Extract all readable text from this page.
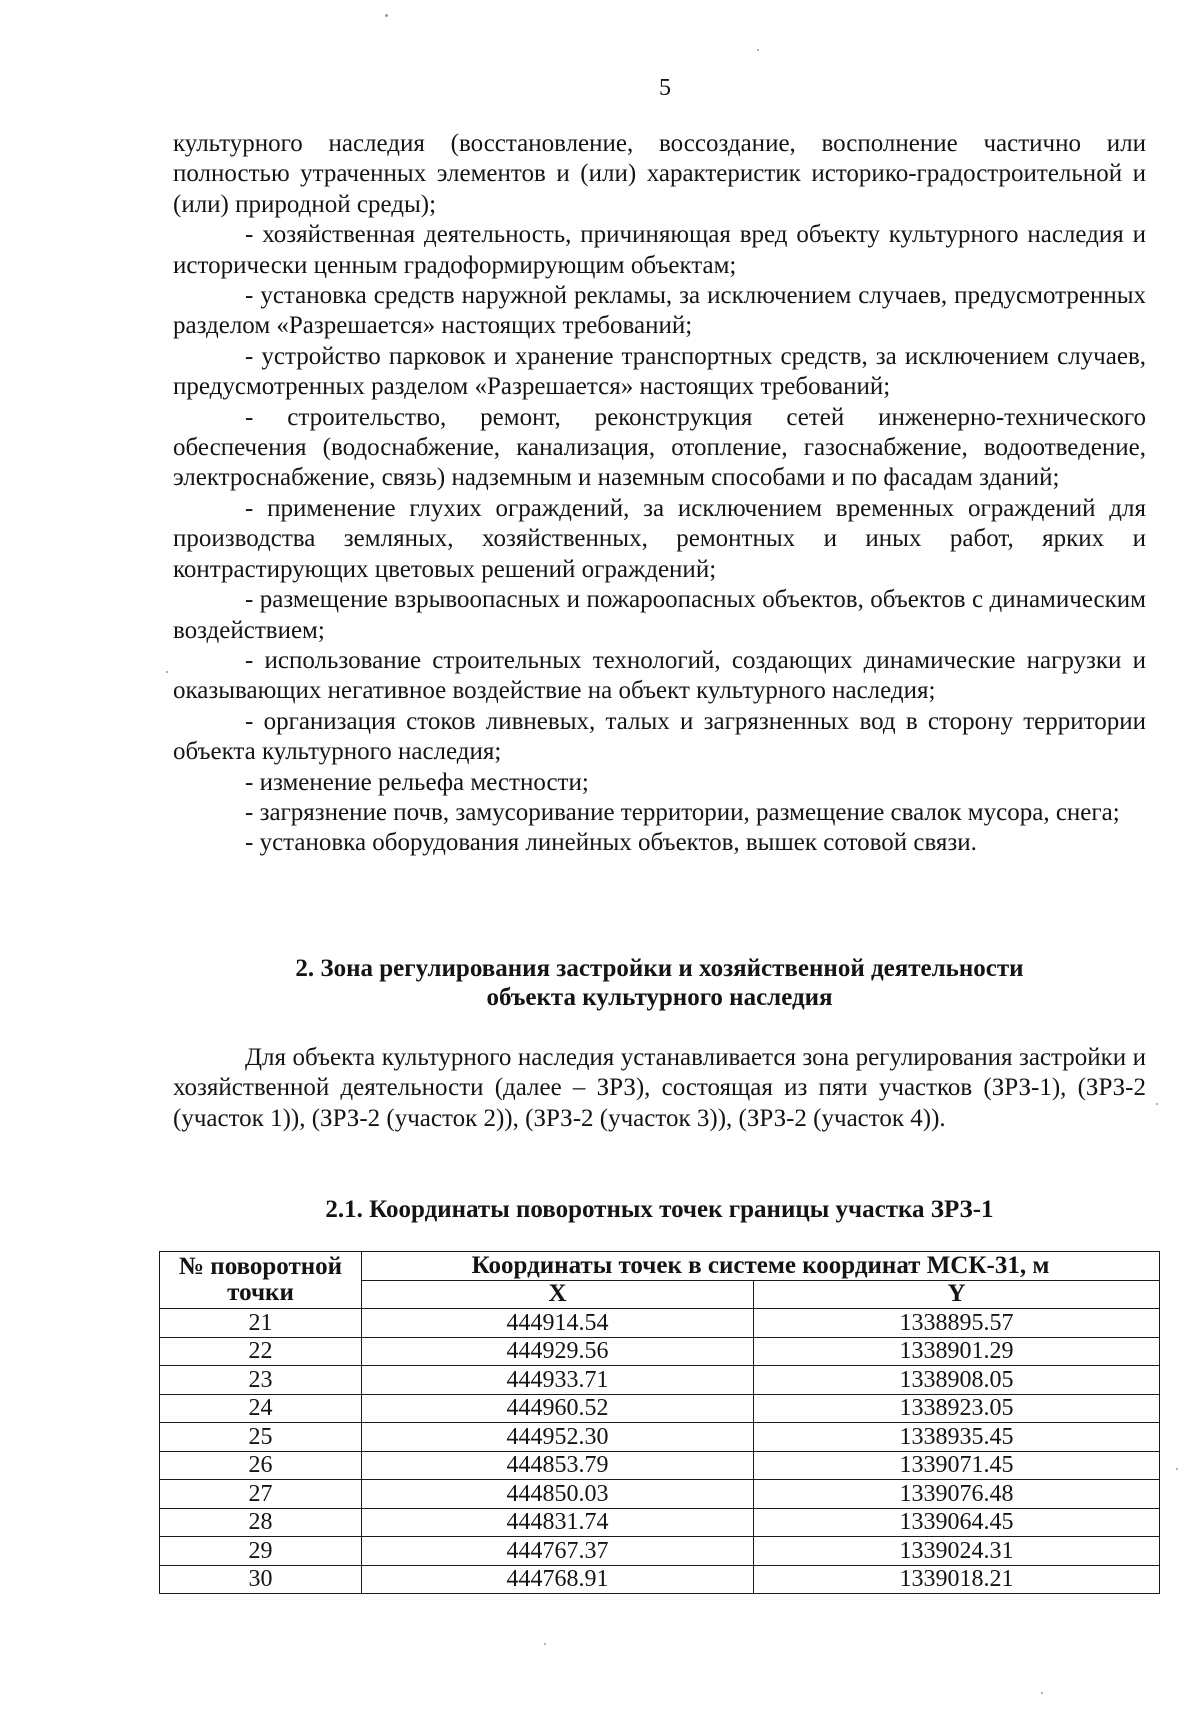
5

культурного наследия (восстановление, воссоздание, восполнение частично или полностью утраченных элементов и (или) характеристик историко-градостроительной и (или) природной среды);

- хозяйственная деятельность, причиняющая вред объекту культурного наследия и исторически ценным градоформирующим объектам;

- установка средств наружной рекламы, за исключением случаев, предусмотренных разделом «Разрешается» настоящих требований;

- устройство парковок и хранение транспортных средств, за исключением случаев, предусмотренных разделом «Разрешается» настоящих требований;

- строительство, ремонт, реконструкция сетей инженерно-технического обеспечения (водоснабжение, канализация, отопление, газоснабжение, водоотведение, электроснабжение, связь) надземным и наземным способами и по фасадам зданий;

- применение глухих ограждений, за исключением временных ограждений для производства земляных, хозяйственных, ремонтных и иных работ, ярких и контрастирующих цветовых решений ограждений;

- размещение взрывоопасных и пожароопасных объектов, объектов с динамическим воздействием;

- использование строительных технологий, создающих динамические нагрузки и оказывающих негативное воздействие на объект культурного наследия;

- организация стоков ливневых, талых и загрязненных вод в сторону территории объекта культурного наследия;

- изменение рельефа местности;

- загрязнение почв, замусоривание территории, размещение свалок мусора, снега;

- установка оборудования линейных объектов, вышек сотовой связи.

2. Зона регулирования застройки и хозяйственной деятельности
объекта культурного наследия

Для объекта культурного наследия устанавливается зона регулирования застройки и хозяйственной деятельности (далее – ЗРЗ), состоящая из пяти участков (ЗРЗ-1), (ЗРЗ-2 (участок 1)), (ЗРЗ-2 (участок 2)), (ЗРЗ-2 (участок 3)), (ЗРЗ-2 (участок 4)).

2.1. Координаты поворотных точек границы участка ЗРЗ-1
№ поворотной
точки	Координаты точек в системе координат МСК-31, м	
	X	Y
21	444914.54	1338895.57
22	444929.56	1338901.29
23	444933.71	1338908.05
24	444960.52	1338923.05
25	444952.30	1338935.45
26	444853.79	1339071.45
27	444850.03	1339076.48
28	444831.74	1339064.45
29	444767.37	1339024.31
30	444768.91	1339018.21
